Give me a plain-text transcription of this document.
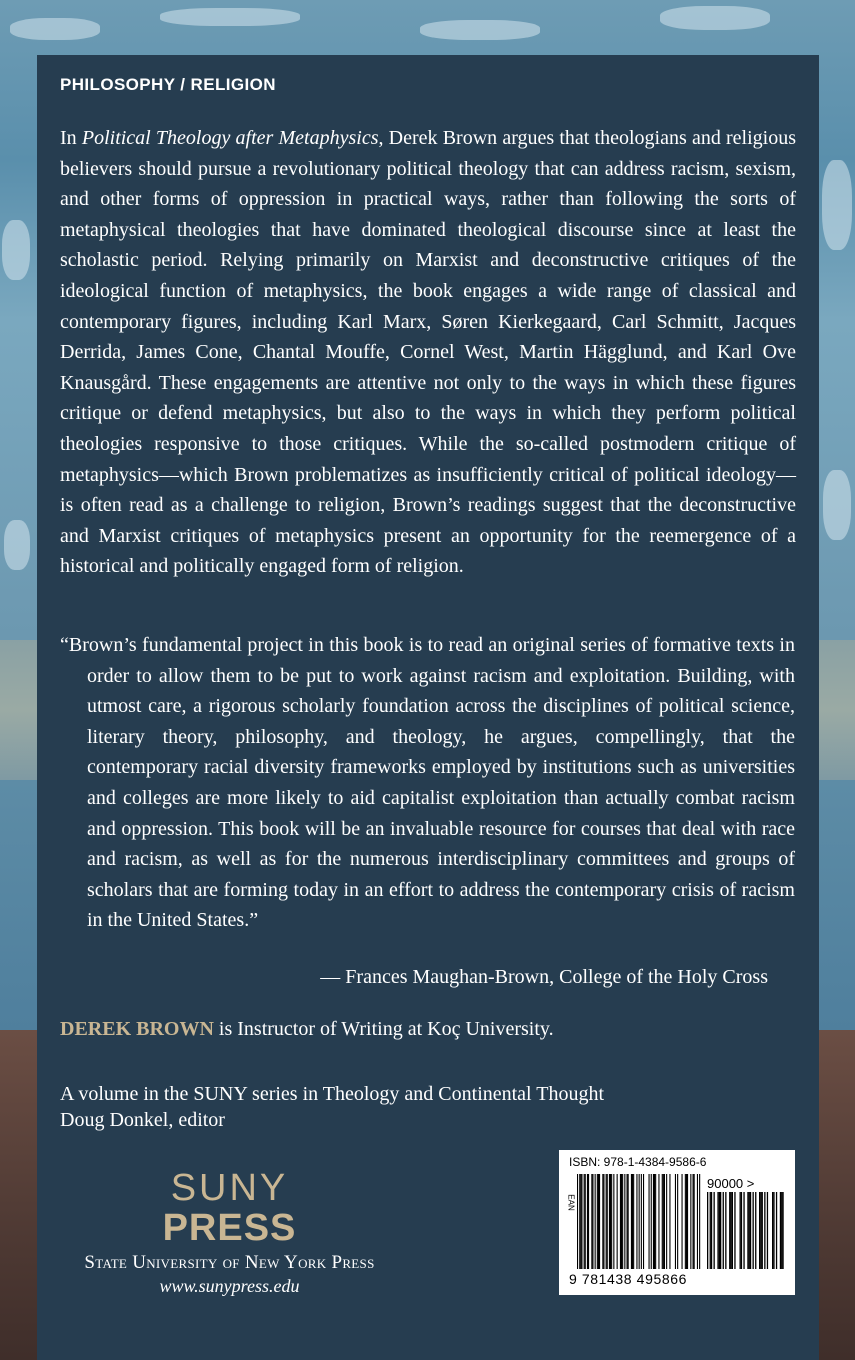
PHILOSOPHY / RELIGION

In Political Theology after Metaphysics, Derek Brown argues that theologians and religious believers should pursue a revolutionary political theology that can address racism, sexism, and other forms of oppression in practical ways, rather than following the sorts of metaphysical theologies that have dominated theological discourse since at least the scholastic period. Relying primarily on Marxist and deconstructive critiques of the ideological function of metaphysics, the book engages a wide range of classical and contemporary figures, including Karl Marx, Søren Kierkegaard, Carl Schmitt, Jacques Derrida, James Cone, Chantal Mouffe, Cornel West, Martin Hägglund, and Karl Ove Knausgård. These engagements are attentive not only to the ways in which these figures critique or defend metaphysics, but also to the ways in which they perform political theologies responsive to those critiques. While the so-called postmodern critique of metaphysics—which Brown problematizes as insufficiently critical of political ideology—is often read as a challenge to religion, Brown’s readings suggest that the deconstructive and Marxist critiques of metaphysics present an opportunity for the reemergence of a historical and politically engaged form of religion.

“Brown’s fundamental project in this book is to read an original series of formative texts in order to allow them to be put to work against racism and exploitation. Building, with utmost care, a rigorous scholarly foundation across the disciplines of political science, literary theory, philosophy, and theology, he argues, compellingly, that the contemporary racial diversity frameworks employed by institutions such as universities and colleges are more likely to aid capitalist exploitation than actually combat racism and oppression. This book will be an invaluable resource for courses that deal with race and racism, as well as for the numerous interdisciplinary committees and groups of scholars that are forming today in an effort to address the contemporary crisis of racism in the United States.”

— Frances Maughan-Brown, College of the Holy Cross
DEREK BROWN is Instructor of Writing at Koç University.
A volume in the SUNY series in Theology and Continental Thought
Doug Donkel, editor
SUNY
PRESS
State University of New York Press
www.sunypress.edu
ISBN: 978-1-4384-9586-6
90000 >
EAN
9 781438 495866
